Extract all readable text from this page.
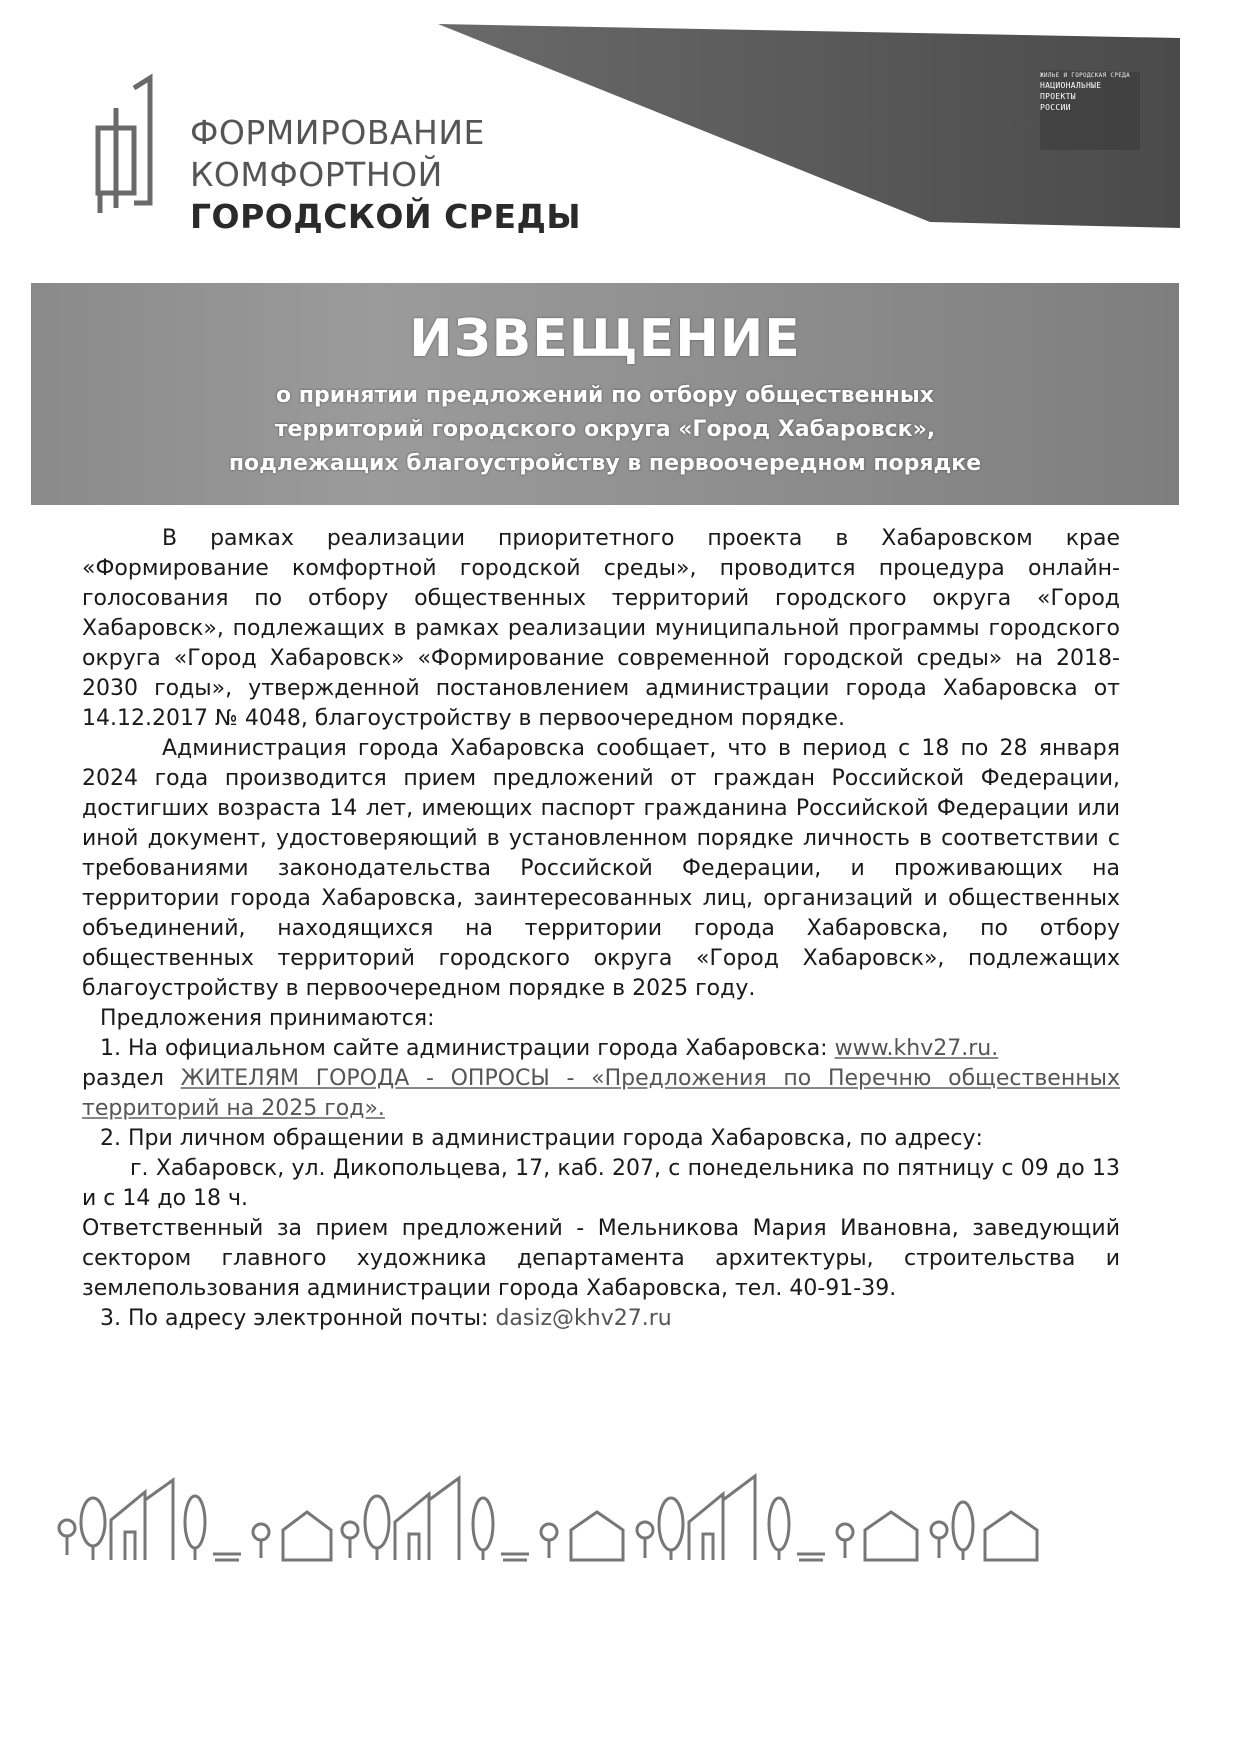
ЖИЛЬЕ И ГОРОДСКАЯ СРЕДА
НАЦИОНАЛЬНЫЕ
ПРОЕКТЫ
РОССИИ
ФОРМИРОВАНИЕ
КОМФОРТНОЙ
ГОРОДСКОЙ СРЕДЫ
ИЗВЕЩЕНИЕ
о принятии предложений по отбору общественных
территорий городского округа «Город Хабаровск»,
подлежащих благоустройству в первоочередном порядке

В рамках реализации приоритетного проекта в Хабаровском крае «Формирование комфортной городской среды», проводится процедура онлайн-голосования по отбору общественных территорий городского округа «Город Хабаровск», подлежащих в рамках реализации муниципальной программы городского округа «Город Хабаровск» «Формирование современной городской среды» на 2018-2030 годы», утвержденной постановлением администрации города Хабаровска от 14.12.2017 № 4048, благоустройству в первоочередном порядке.

Администрация города Хабаровска сообщает, что в период с 18 по 28 января 2024 года производится прием предложений от граждан Российской Федерации, достигших возраста 14 лет, имеющих паспорт гражданина Российской Федерации или иной документ, удостоверяющий в установленном порядке личность в соответствии с требованиями законодательства Российской Федерации, и проживающих на территории города Хабаровска, заинтересованных лиц, организаций и общественных объединений, находящихся на территории города Хабаровска, по отбору общественных территорий городского округа «Город Хабаровск», подлежащих благоустройству в первоочередном порядке в 2025 году.

Предложения принимаются:

1. На официальном сайте администрации города Хабаровска: www.khv27.ru.

раздел ЖИТЕЛЯМ ГОРОДА - ОПРОСЫ - «Предложения по Перечню общественных территорий на 2025 год».

2. При личном обращении в администрации города Хабаровска, по адресу:

г. Хабаровск, ул. Дикопольцева, 17, каб. 207, с понедельника по пятницу с 09 до 13 и с 14 до 18 ч.

Ответственный за прием предложений - Мельникова Мария Ивановна, заведующий сектором главного художника департамента архитектуры, строительства и землепользования администрации города Хабаровска, тел. 40-91-39.

3. По адресу электронной почты: dasiz@khv27.ru
